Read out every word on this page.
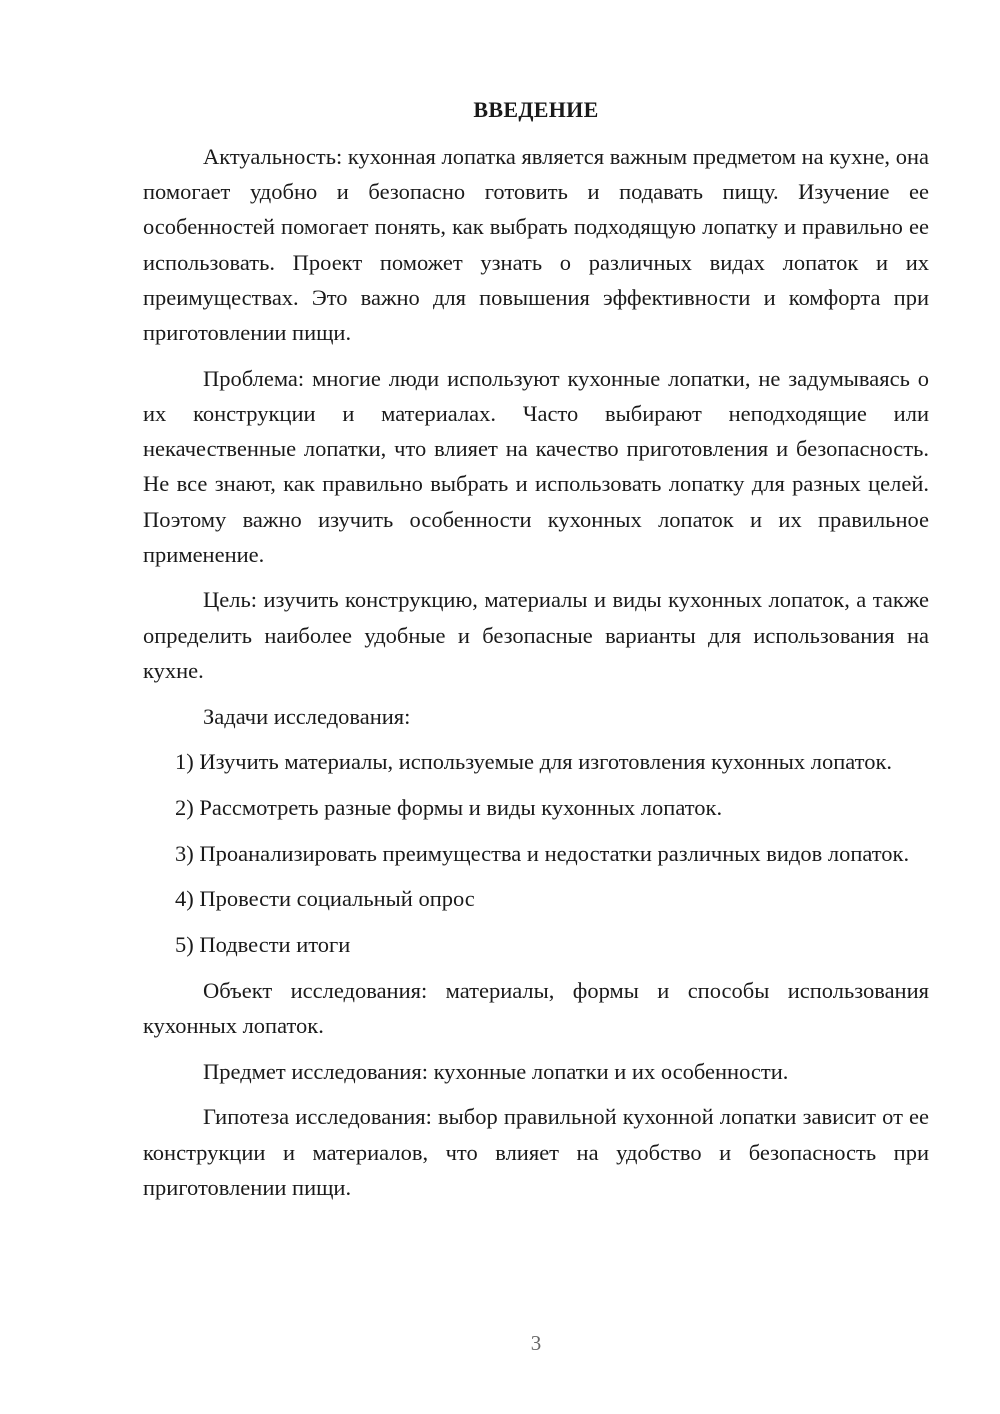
ВВЕДЕНИЕ

Актуальность: кухонная лопатка является важным предметом на кухне, она помогает удобно и безопасно готовить и подавать пищу. Изучение ее особенностей помогает понять, как выбрать подходящую лопатку и правильно ее использовать. Проект поможет узнать о различных видах лопаток и их преимуществах. Это важно для повышения эффективности и комфорта при приготовлении пищи.

Проблема: многие люди используют кухонные лопатки, не задумываясь о их конструкции и материалах. Часто выбирают неподходящие или некачественные лопатки, что влияет на качество приготовления и безопасность. Не все знают, как правильно выбрать и использовать лопатку для разных целей. Поэтому важно изучить особенности кухонных лопаток и их правильное применение.

Цель: изучить конструкцию, материалы и виды кухонных лопаток, а также определить наиболее удобные и безопасные варианты для использования на кухне.

Задачи исследования:

1) Изучить материалы, используемые для изготовления кухонных лопаток.

2) Рассмотреть разные формы и виды кухонных лопаток.

3) Проанализировать преимущества и недостатки различных видов лопаток.

4) Провести социальный опрос

5) Подвести итоги

Объект исследования: материалы, формы и способы использования кухонных лопаток.

Предмет исследования: кухонные лопатки и их особенности.

Гипотеза исследования: выбор правильной кухонной лопатки зависит от ее конструкции и материалов, что влияет на удобство и безопасность при приготовлении пищи.

3
